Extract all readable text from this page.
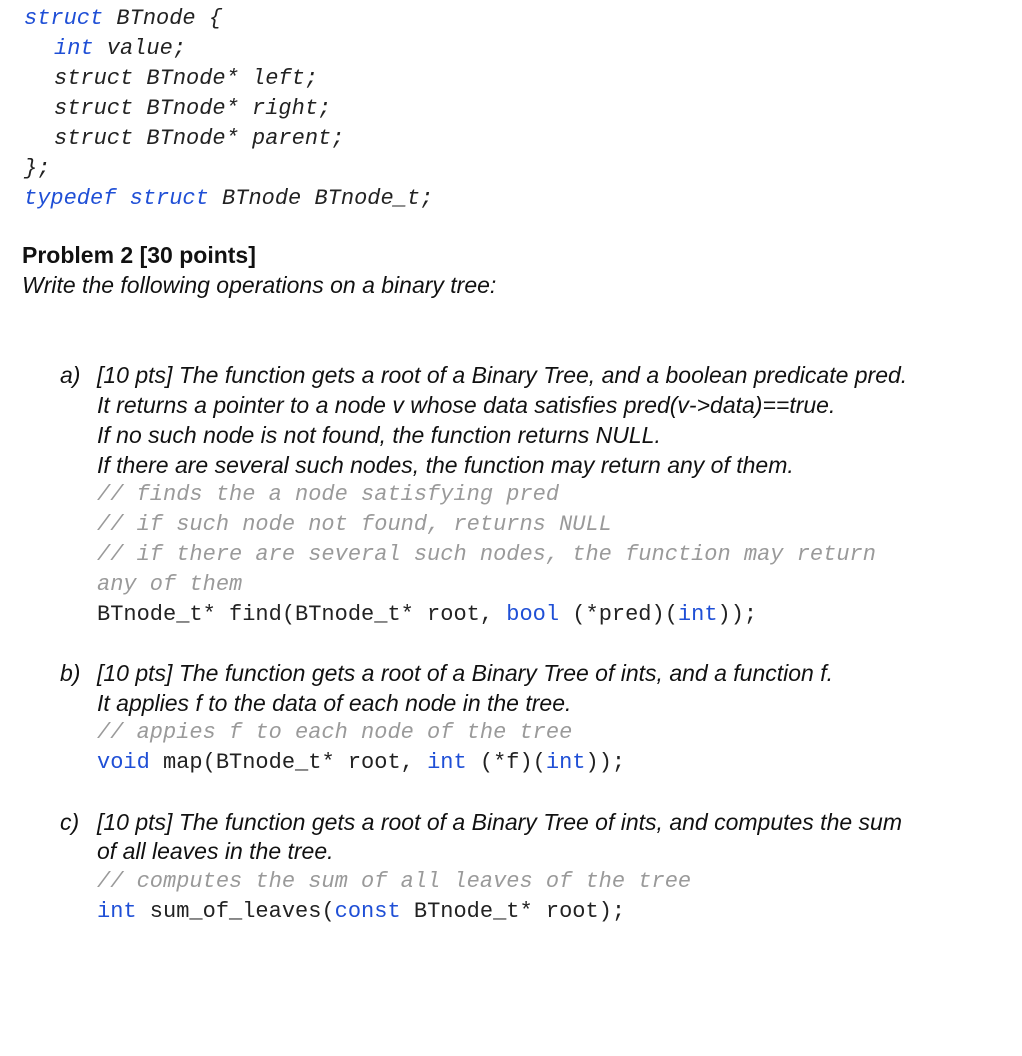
struct BTnode {
int value;
struct BTnode* left;
struct BTnode* right;
struct BTnode* parent;
};
typedef struct BTnode BTnode_t;
Problem 2 [30 points]
Write the following operations on a binary tree:
a) [10 pts] The function gets a root of a Binary Tree, and a boolean predicate pred.
It returns a pointer to a node v whose data satisfies pred(v->data)==true.
If no such node is not found, the function returns NULL.
If there are several such nodes, the function may return any of them.
// finds the a node satisfying pred
// if such node not found, returns NULL
// if there are several such nodes, the function may return
any of them
BTnode_t* find(BTnode_t* root, bool (*pred)(int));
b) [10 pts] The function gets a root of a Binary Tree of ints, and a function f.
It applies f to the data of each node in the tree.
// appies f to each node of the tree
void map(BTnode_t* root, int (*f)(int));
c) [10 pts] The function gets a root of a Binary Tree of ints, and computes the sum
of all leaves in the tree.
// computes the sum of all leaves of the tree
int sum_of_leaves(const BTnode_t* root);
